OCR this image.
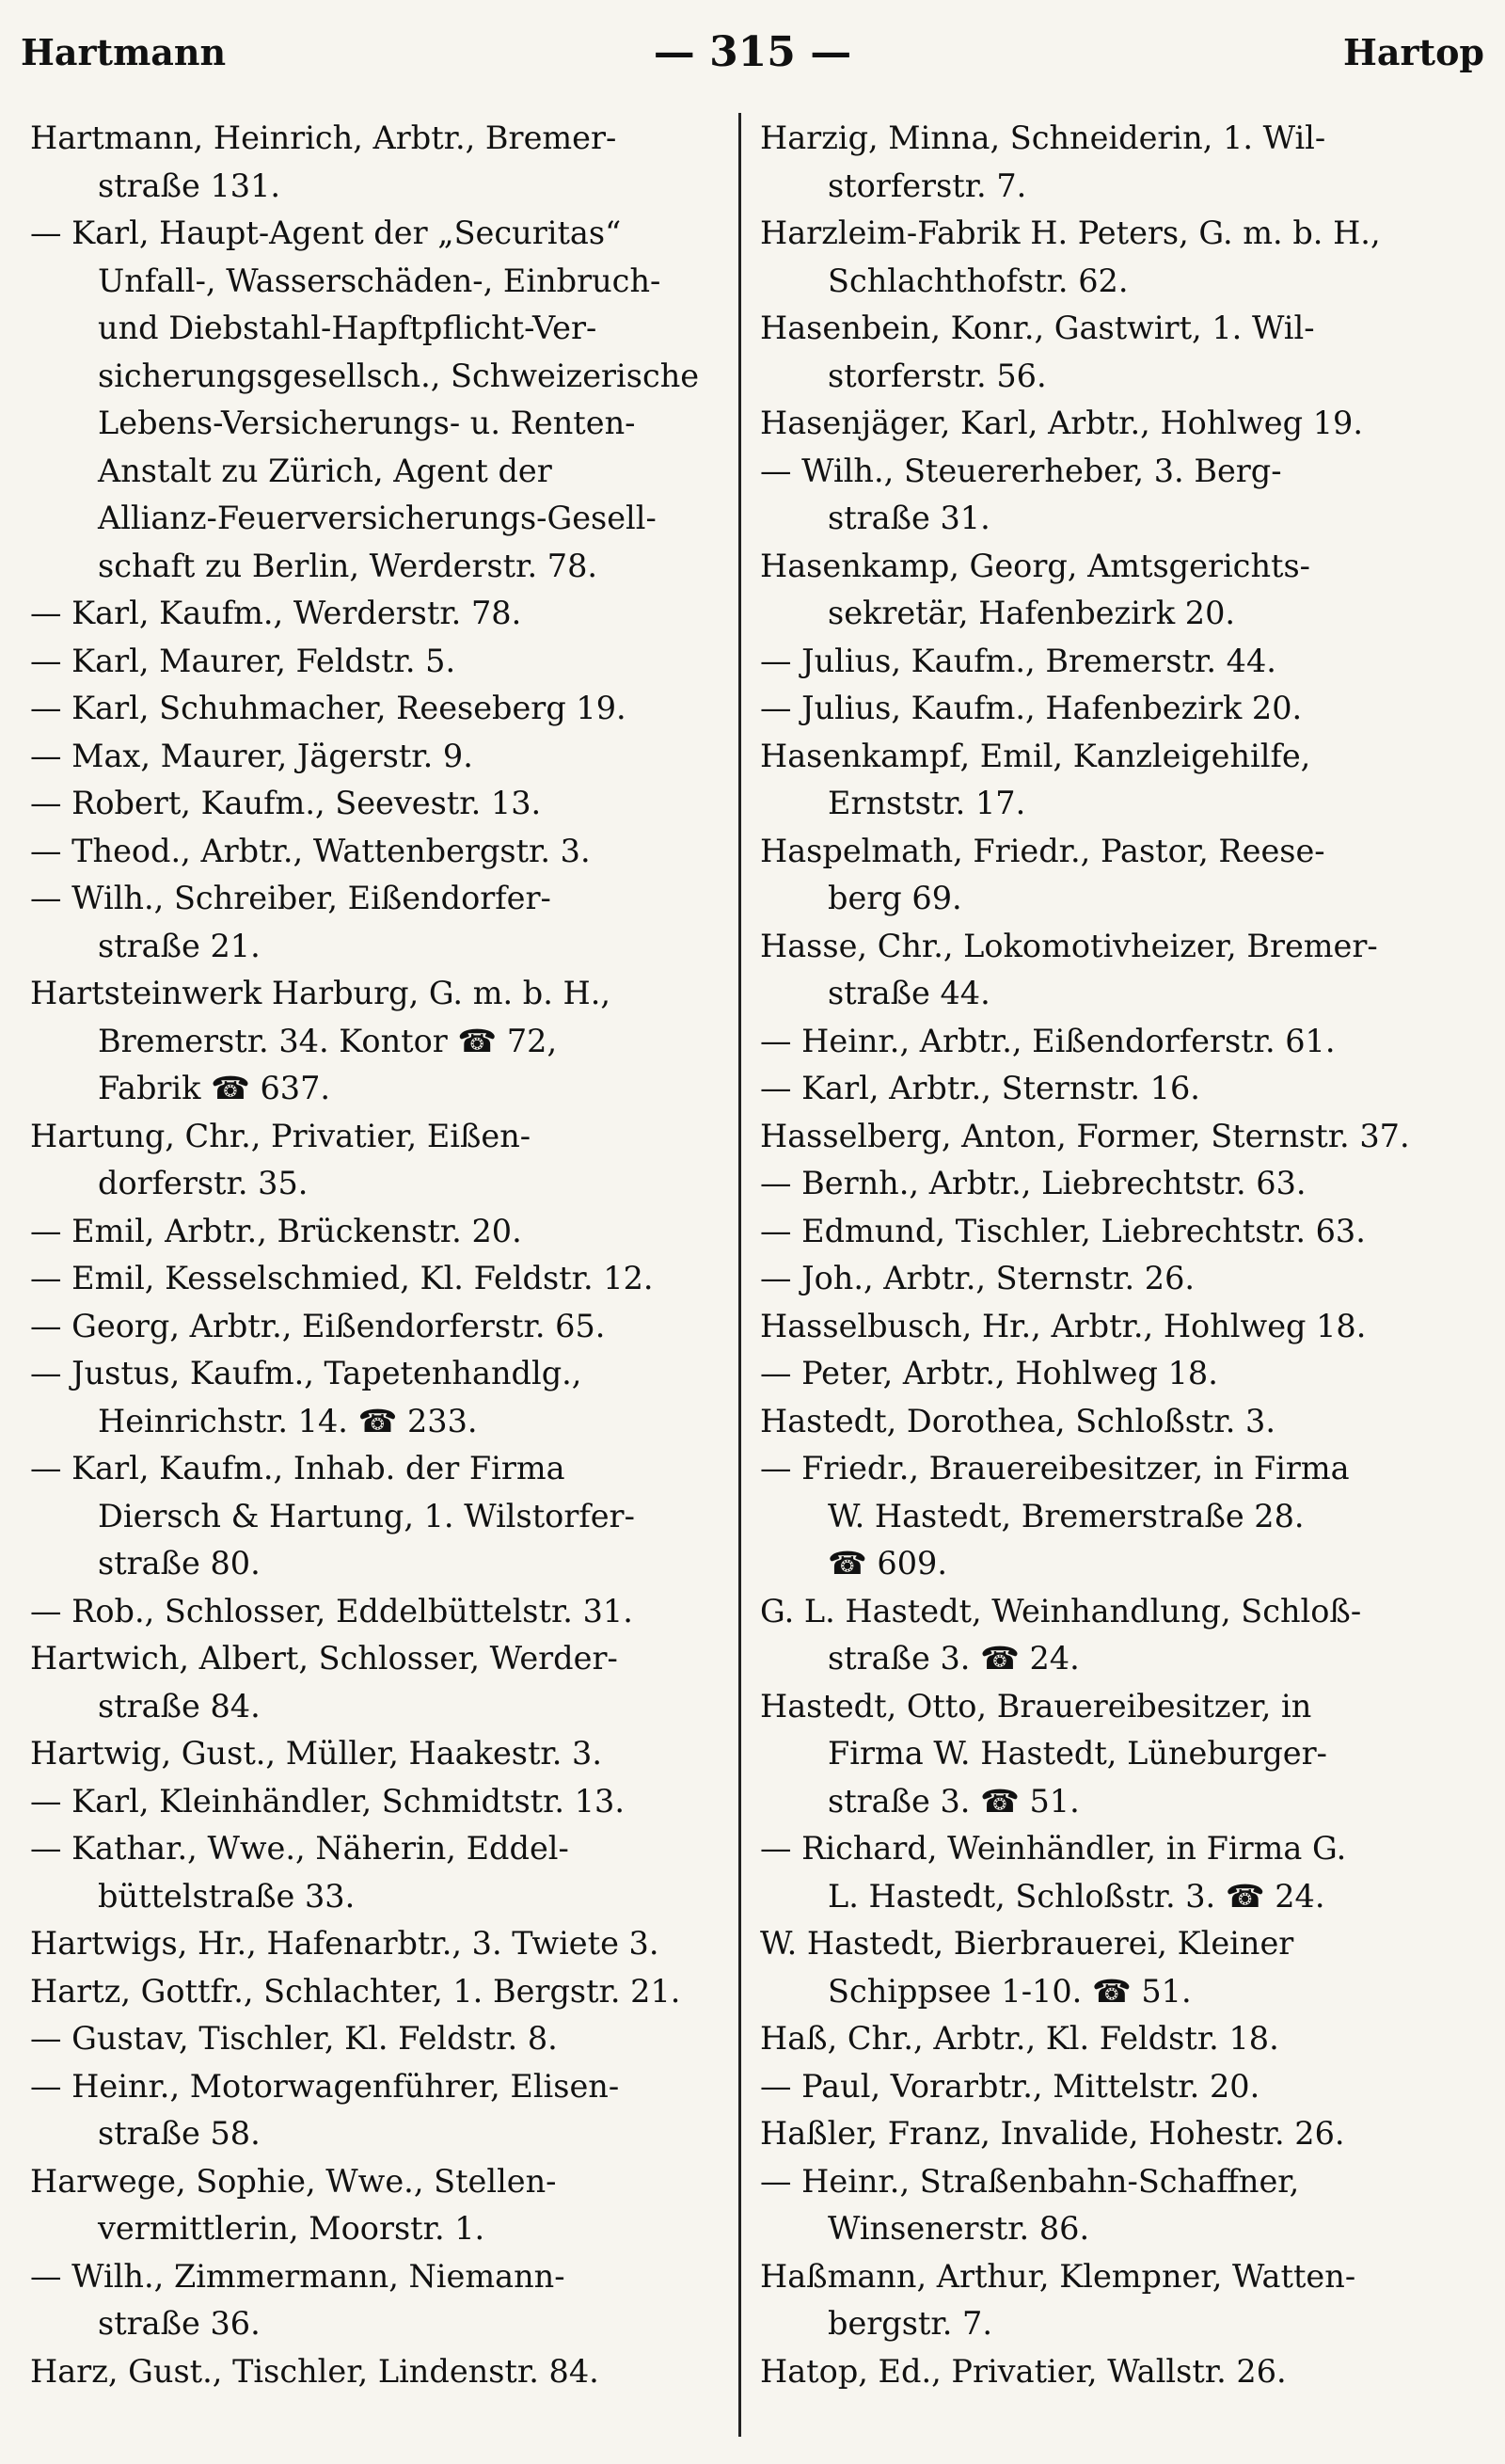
Hartmann	— 315 —	Hartop
Hartmann, Heinrich, Arbtr., Bremer-
straße 131.
— Karl, Haupt-Agent der „Securitas“
Unfall-, Wasserschäden-, Einbruch-
und Diebstahl-Hapftpflicht-Ver-
sicherungsgesellsch., Schweizerische
Lebens-Versicherungs- u. Renten-
Anstalt zu Zürich, Agent der
Allianz-Feuerversicherungs-Gesell-
schaft zu Berlin, Werderstr. 78.
— Karl, Kaufm., Werderstr. 78.
— Karl, Maurer, Feldstr. 5.
— Karl, Schuhmacher, Reeseberg 19.
— Max, Maurer, Jägerstr. 9.
— Robert, Kaufm., Seevestr. 13.
— Theod., Arbtr., Wattenbergstr. 3.
— Wilh., Schreiber, Eißendorfer-
straße 21.
Hartsteinwerk Harburg, G. m. b. H.,
Bremerstr. 34. Kontor ☎ 72,
Fabrik ☎ 637.
Hartung, Chr., Privatier, Eißen-
dorferstr. 35.
— Emil, Arbtr., Brückenstr. 20.
— Emil, Kesselschmied, Kl. Feldstr. 12.
— Georg, Arbtr., Eißendorferstr. 65.
— Justus, Kaufm., Tapetenhandlg.,
Heinrichstr. 14. ☎ 233.
— Karl, Kaufm., Inhab. der Firma
Diersch & Hartung, 1. Wilstorfer-
straße 80.
— Rob., Schlosser, Eddelbüttelstr. 31.
Hartwich, Albert, Schlosser, Werder-
straße 84.
Hartwig, Gust., Müller, Haakestr. 3.
— Karl, Kleinhändler, Schmidtstr. 13.
— Kathar., Wwe., Näherin, Eddel-
büttelstraße 33.
Hartwigs, Hr., Hafenarbtr., 3. Twiete 3.
Hartz, Gottfr., Schlachter, 1. Bergstr. 21.
— Gustav, Tischler, Kl. Feldstr. 8.
— Heinr., Motorwagenführer, Elisen-
straße 58.
Harwege, Sophie, Wwe., Stellen-
vermittlerin, Moorstr. 1.
— Wilh., Zimmermann, Niemann-
straße 36.
Harz, Gust., Tischler, Lindenstr. 84.
Harzig, Minna, Schneiderin, 1. Wil-
storferstr. 7.
Harzleim-Fabrik H. Peters, G. m. b. H.,
Schlachthofstr. 62.
Hasenbein, Konr., Gastwirt, 1. Wil-
storferstr. 56.
Hasenjäger, Karl, Arbtr., Hohlweg 19.
— Wilh., Steuererheber, 3. Berg-
straße 31.
Hasenkamp, Georg, Amtsgerichts-
sekretär, Hafenbezirk 20.
— Julius, Kaufm., Bremerstr. 44.
— Julius, Kaufm., Hafenbezirk 20.
Hasenkampf, Emil, Kanzleigehilfe,
Ernststr. 17.
Haspelmath, Friedr., Pastor, Reese-
berg 69.
Hasse, Chr., Lokomotivheizer, Bremer-
straße 44.
— Heinr., Arbtr., Eißendorferstr. 61.
— Karl, Arbtr., Sternstr. 16.
Hasselberg, Anton, Former, Sternstr. 37.
— Bernh., Arbtr., Liebrechtstr. 63.
— Edmund, Tischler, Liebrechtstr. 63.
— Joh., Arbtr., Sternstr. 26.
Hasselbusch, Hr., Arbtr., Hohlweg 18.
— Peter, Arbtr., Hohlweg 18.
Hastedt, Dorothea, Schloßstr. 3.
— Friedr., Brauereibesitzer, in Firma
W. Hastedt, Bremerstraße 28.
☎ 609.
G. L. Hastedt, Weinhandlung, Schloß-
straße 3. ☎ 24.
Hastedt, Otto, Brauereibesitzer, in
Firma W. Hastedt, Lüneburger-
straße 3. ☎ 51.
— Richard, Weinhändler, in Firma G.
L. Hastedt, Schloßstr. 3. ☎ 24.
W. Hastedt, Bierbrauerei, Kleiner
Schippsee 1-10. ☎ 51.
Haß, Chr., Arbtr., Kl. Feldstr. 18.
— Paul, Vorarbtr., Mittelstr. 20.
Haßler, Franz, Invalide, Hohestr. 26.
— Heinr., Straßenbahn-Schaffner,
Winsenerstr. 86.
Haßmann, Arthur, Klempner, Watten-
bergstr. 7.
Hatop, Ed., Privatier, Wallstr. 26.
